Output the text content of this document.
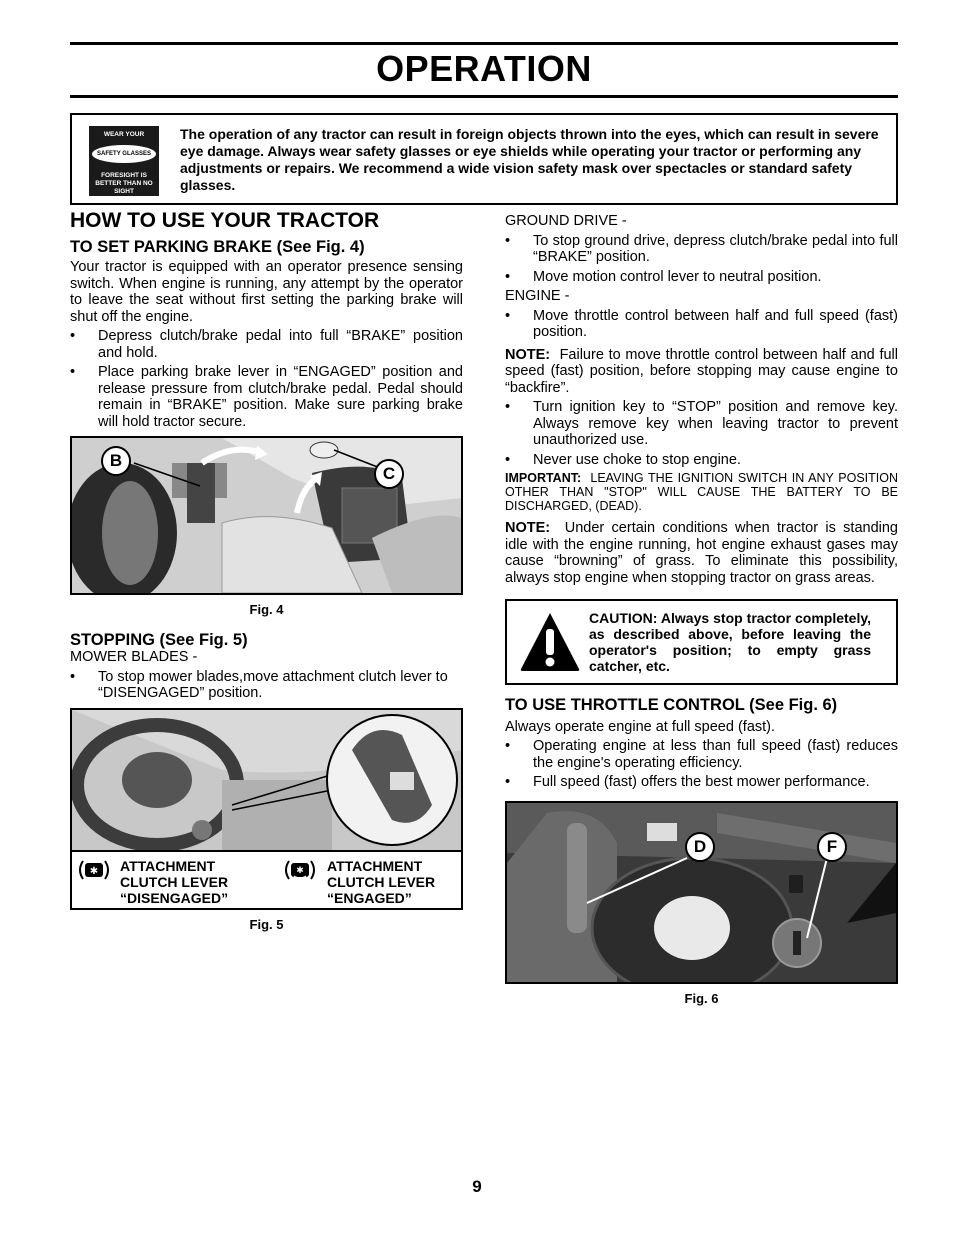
OPERATION
WEAR YOUR
SAFETY GLASSES
FORESIGHT IS BETTER THAN NO SIGHT
The operation of any tractor can result in foreign objects thrown into the eyes, which can result in severe eye damage. Always wear safety glasses or eye shields while operating your tractor or performing any adjustments or repairs. We recommend a wide vision safety mask over spectacles or standard safety glasses.
HOW TO USE YOUR TRACTOR
TO SET PARKING BRAKE (See Fig. 4)

Your tractor is equipped with an operator presence sensing switch. When engine is running, any attempt by the operator to leave the seat without first setting the parking brake will shut off the engine.

• Depress clutch/brake pedal into full “BRAKE” position and hold.
• Place parking brake lever in “ENGAGED” position and release pressure from clutch/brake pedal. Pedal should remain in “BRAKE” position. Make sure parking brake will hold tractor secure.
B
C
Fig. 4
STOPPING (See Fig. 5)

MOWER BLADES -

• To stop mower blades,move attachment clutch lever to “DISENGAGED” position.
✱ ATTACHMENT
CLUTCH LEVER
“DISENGAGED”
✱ ATTACHMENT
CLUTCH LEVER
“ENGAGED”
Fig. 5

GROUND DRIVE -

• To stop ground drive, depress clutch/brake pedal into full “BRAKE” position.
• Move motion control lever to neutral position.

ENGINE -

• Move throttle control between half and full speed (fast) position.

NOTE: Failure to move throttle control between half and full speed (fast) position, before stopping may cause engine to “backfire”.

• Turn ignition key to “STOP” position and remove key. Always remove key when leaving tractor to prevent unauthorized use.
• Never use choke to stop engine.

IMPORTANT: LEAVING THE IGNITION SWITCH IN ANY POSITION OTHER THAN "STOP" WILL CAUSE THE BATTERY TO BE DISCHARGED, (DEAD).

NOTE: Under certain conditions when tractor is standing idle with the engine running, hot engine exhaust gases may cause “browning” of grass. To eliminate this possibility, always stop engine when stopping tractor on grass areas.

CAUTION: Always stop tractor completely, as described above, before leaving the operator's position; to empty grass catcher, etc.
TO USE THROTTLE CONTROL (See Fig. 6)

Always operate engine at full speed (fast).

• Operating engine at less than full speed (fast) reduces the engine's operating efficiency.
• Full speed (fast) offers the best mower performance.
D	F
Fig. 6
9
